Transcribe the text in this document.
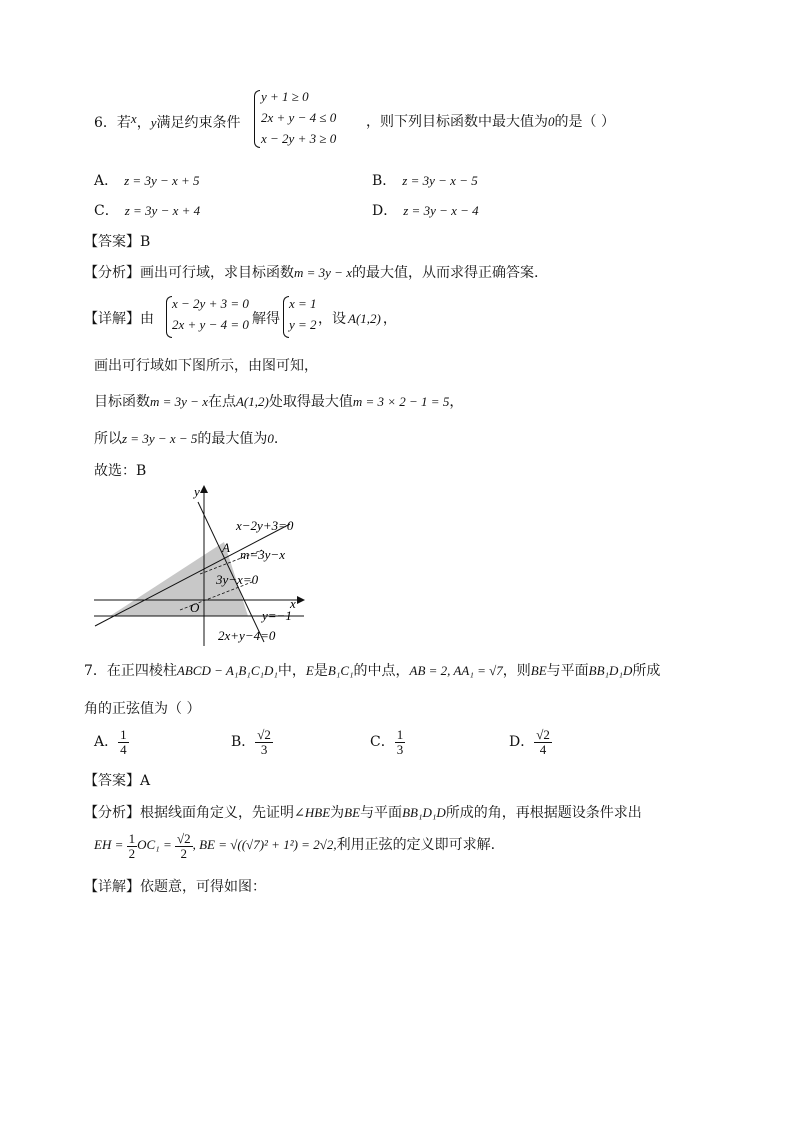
6．若x，y满足约束条件
y + 1 ≥ 0
2x + y − 4 ≤ 0
x − 2y + 3 ≥ 0
，则下列目标函数中最大值为0的是（ ）
A． z = 3y − x + 5	B． z = 3y − x − 5
C． z = 3y − x + 4	D． z = 3y − x − 4
【答案】B
【分析】画出可行域，求目标函数m = 3y − x的最大值，从而求得正确答案.
【详解】由
x − 2y + 3 = 0
2x + y − 4 = 0 解得
x = 1
y = 2 ，设 A(1,2) ，
画出可行域如下图所示，由图可知，
目标函数m = 3y − x在点A(1,2)处取得最大值m = 3 × 2 − 1 = 5，
所以z = 3y − x − 5的最大值为0.
故选：B
y
x
O
A
x−2y+3=0
m=3y−x
3y−x=0
y=−1
2x+y−4=0
7．在正四棱柱ABCD − A₁B₁C₁D₁中，E是B₁C₁的中点，AB = 2, AA₁ = √7，则BE与平面BB₁D₁D所成
角的正弦值为（ ）
A． $\frac{1}{4}$	B． $\frac{√2}{3}$	C． $\frac{1}{3}$	D． $\frac{√2}{4}$
【答案】A
【分析】根据线面角定义，先证明∠HBE为BE与平面BB₁D₁D所成的角，再根据题设条件求出
EH = $\frac{1}{2} OC_1 = \frac{√2}{2}$ , BE = √((√7)² + 1²) = 2√2,利用正弦的定义即可求解.
【详解】依题意，可得如图：
